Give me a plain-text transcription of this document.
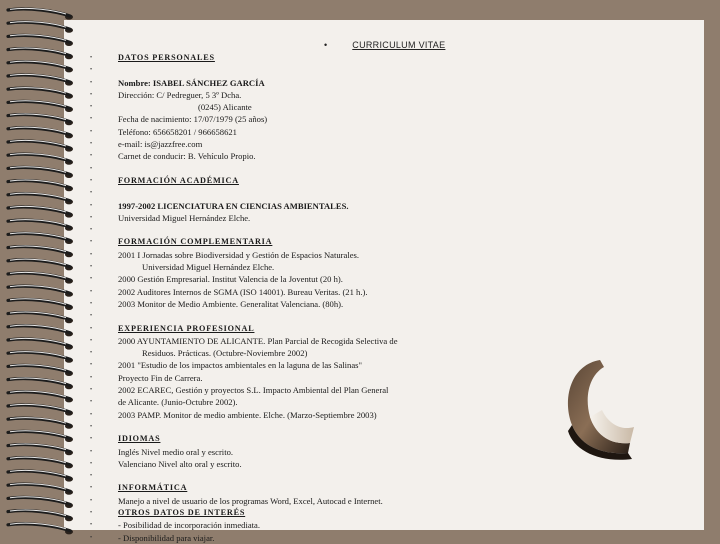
•	CURRICULUM VITAE
•	DATOS PERSONALES
•
•	Nombre: ISABEL SÁNCHEZ GARCÍA
•	Dirección: C/ Pedreguer, 5 3º Dcha.
•	(0245) Alicante
•	Fecha de nacimiento: 17/07/1979 (25 años)
•	Teléfono: 656658201 / 966658621
•	e-mail: is@jazzfree.com
•	Carnet de conducir: B. Vehículo Propio.
•
•	FORMACIÓN ACADÉMICA
•
•	1997-2002 LICENCIATURA EN CIENCIAS AMBIENTALES.
•	Universidad Miguel Hernández Elche.
•
•	FORMACIÓN COMPLEMENTARIA
•	2001 I Jornadas sobre Biodiversidad y Gestión de Espacios Naturales.
•	Universidad Miguel Hernández Elche.
•	2000 Gestión Empresarial. Institut Valencia de la Joventut (20 h).
•	2002 Auditores Internos de SGMA (ISO 14001). Bureau Veritas. (21 h.).
•	2003 Monitor de Medio Ambiente. Generalitat Valenciana. (80h).
•
•	EXPERIENCIA PROFESIONAL
•	2000 AYUNTAMIENTO DE ALICANTE. Plan Parcial de Recogida Selectiva de
•	Residuos. Prácticas. (Octubre-Noviembre 2002)
•	2001 "Estudio de los impactos ambientales en la laguna de las Salinas"
•	Proyecto Fin de Carrera.
•	2002 ECAREC, Gestión y proyectos S.L. Impacto Ambiental del Plan General
•	de Alicante. (Junio-Octubre 2002).
•	2003 PAMP. Monitor de medio ambiente. Elche. (Marzo-Septiembre 2003)
•
•	IDIOMAS
•	Inglés Nivel medio oral y escrito.
•	Valenciano Nivel alto oral y escrito.
•
•	INFORMÁTICA
•	Manejo a nivel de usuario de los programas Word, Excel, Autocad e Internet.
•	OTROS DATOS DE INTERÉS
•	- Posibilidad de incorporación inmediata.
•	- Disponibilidad para viajar.
